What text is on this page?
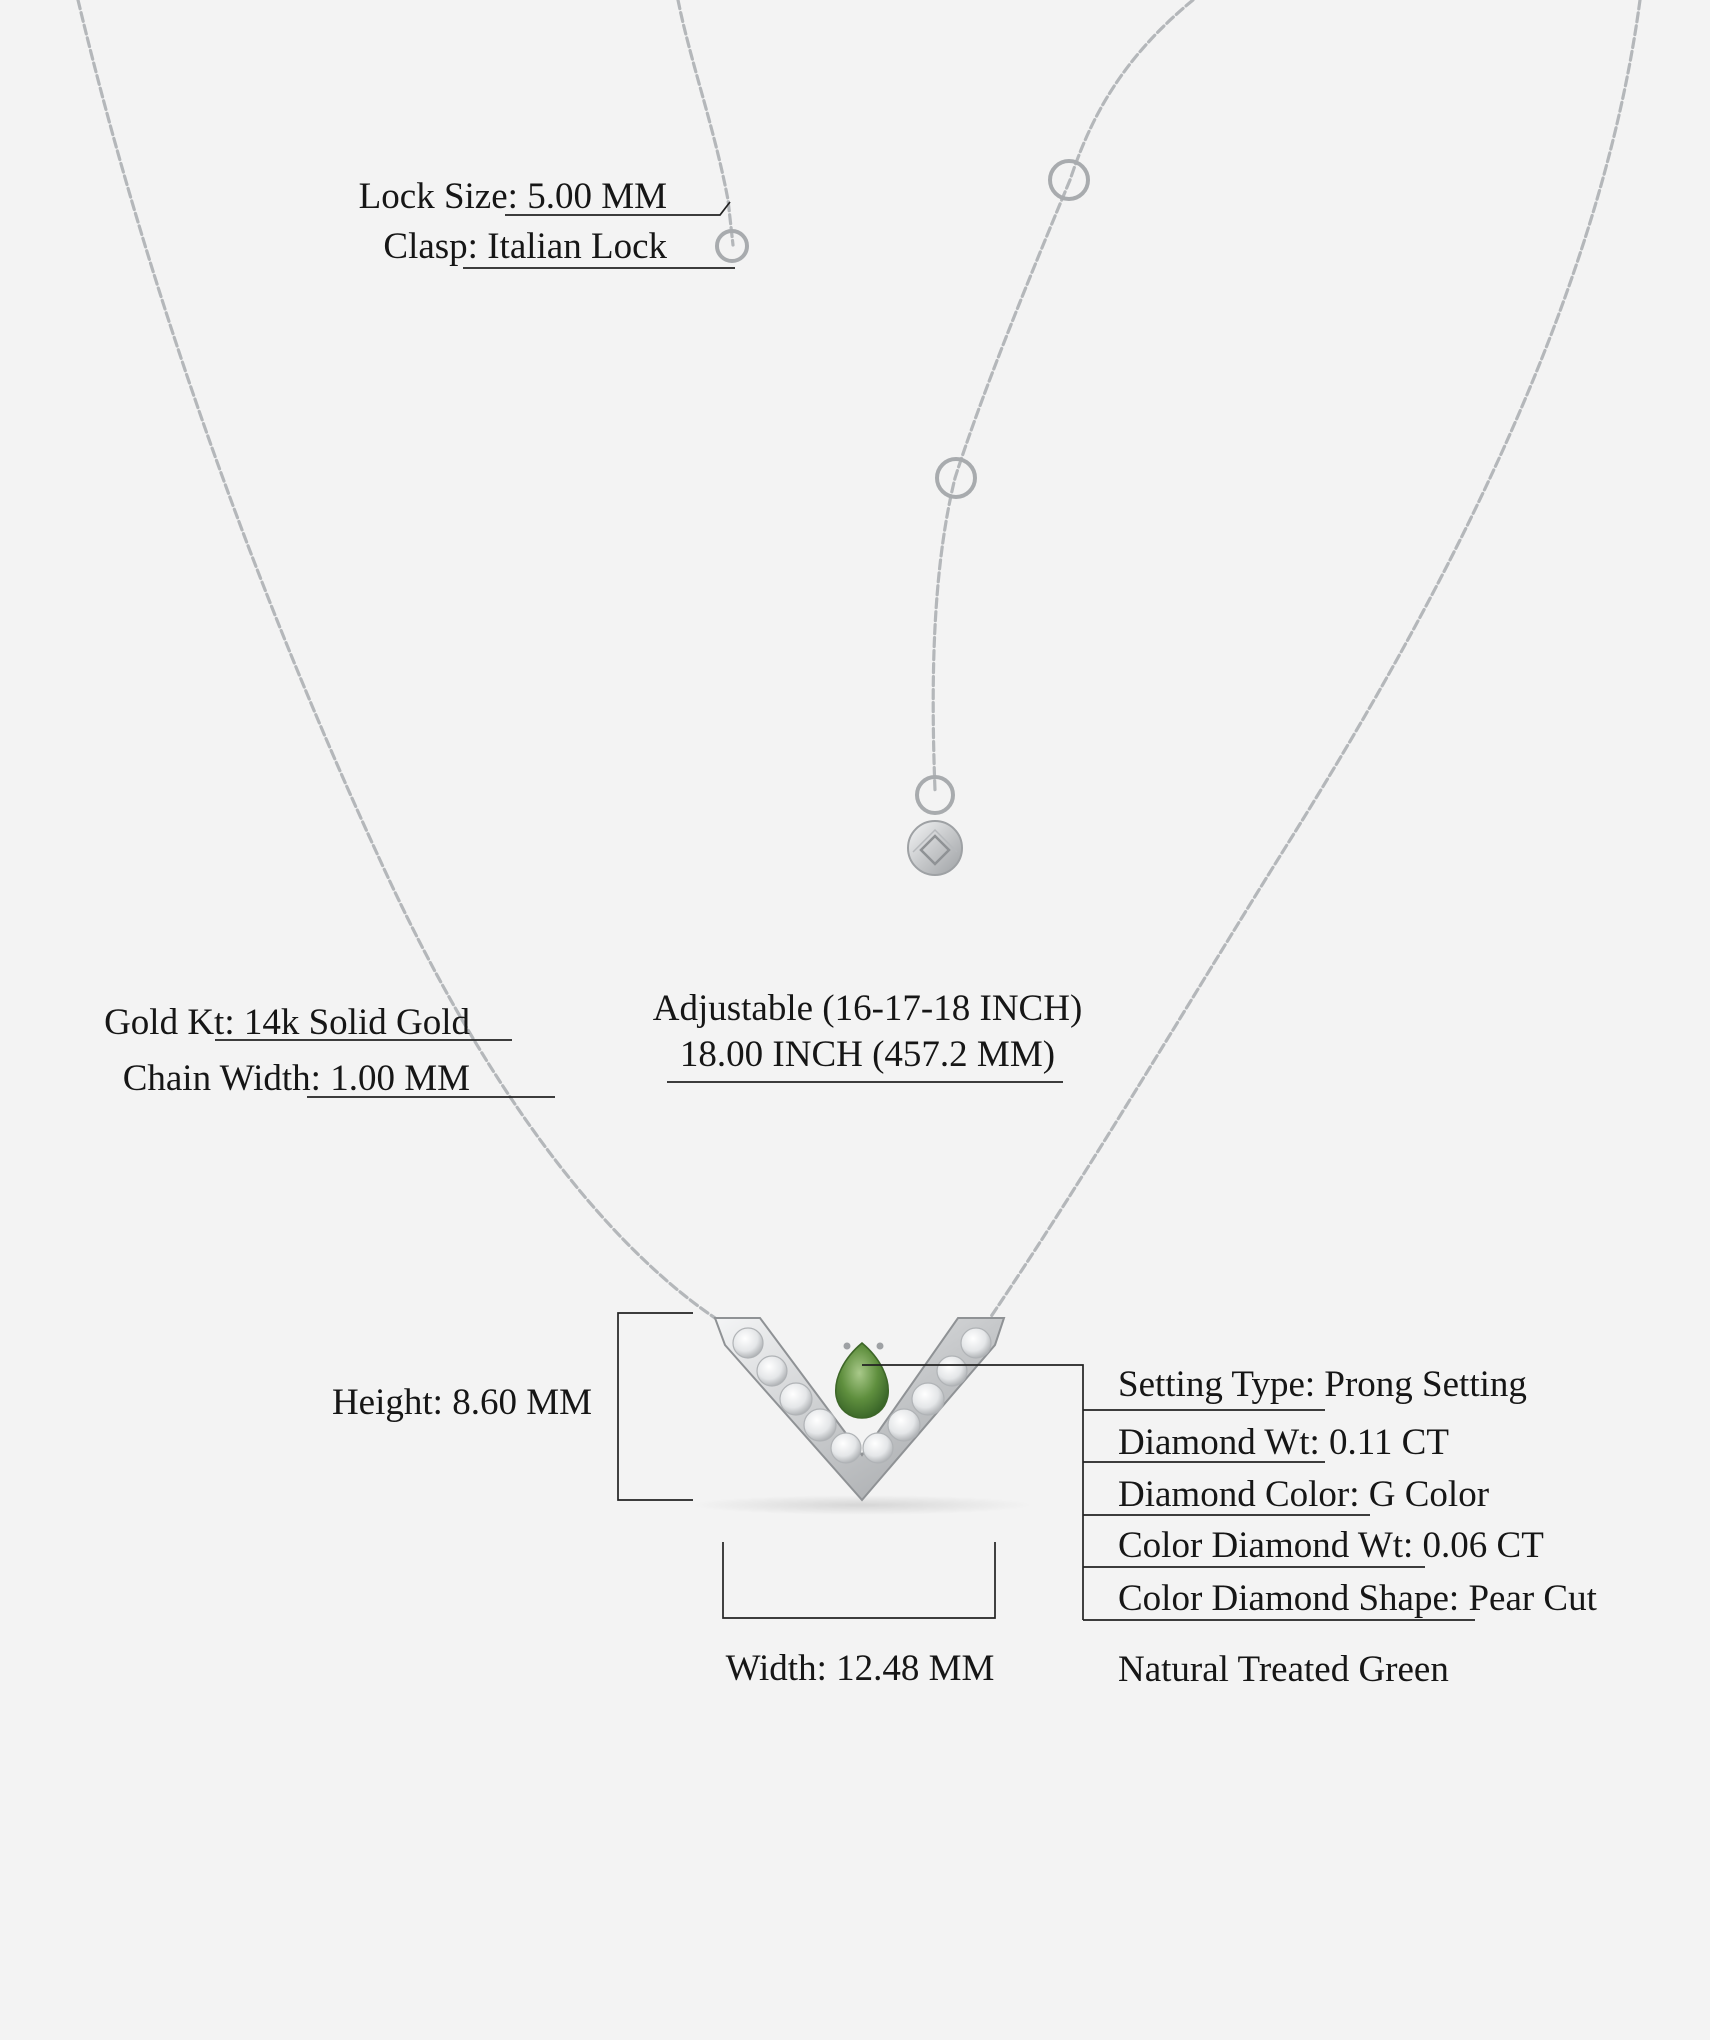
Lock Size: 5.00 MM
Clasp: Italian Lock
Gold Kt: 14k Solid Gold
Chain Width: 1.00 MM
Adjustable (16-17-18 INCH)
18.00 INCH (457.2 MM)
Height: 8.60 MM
Width: 12.48 MM
Setting Type: Prong Setting
Diamond Wt: 0.11 CT
Diamond Color: G Color
Color Diamond Wt: 0.06 CT
Color Diamond Shape: Pear Cut
Natural Treated Green
